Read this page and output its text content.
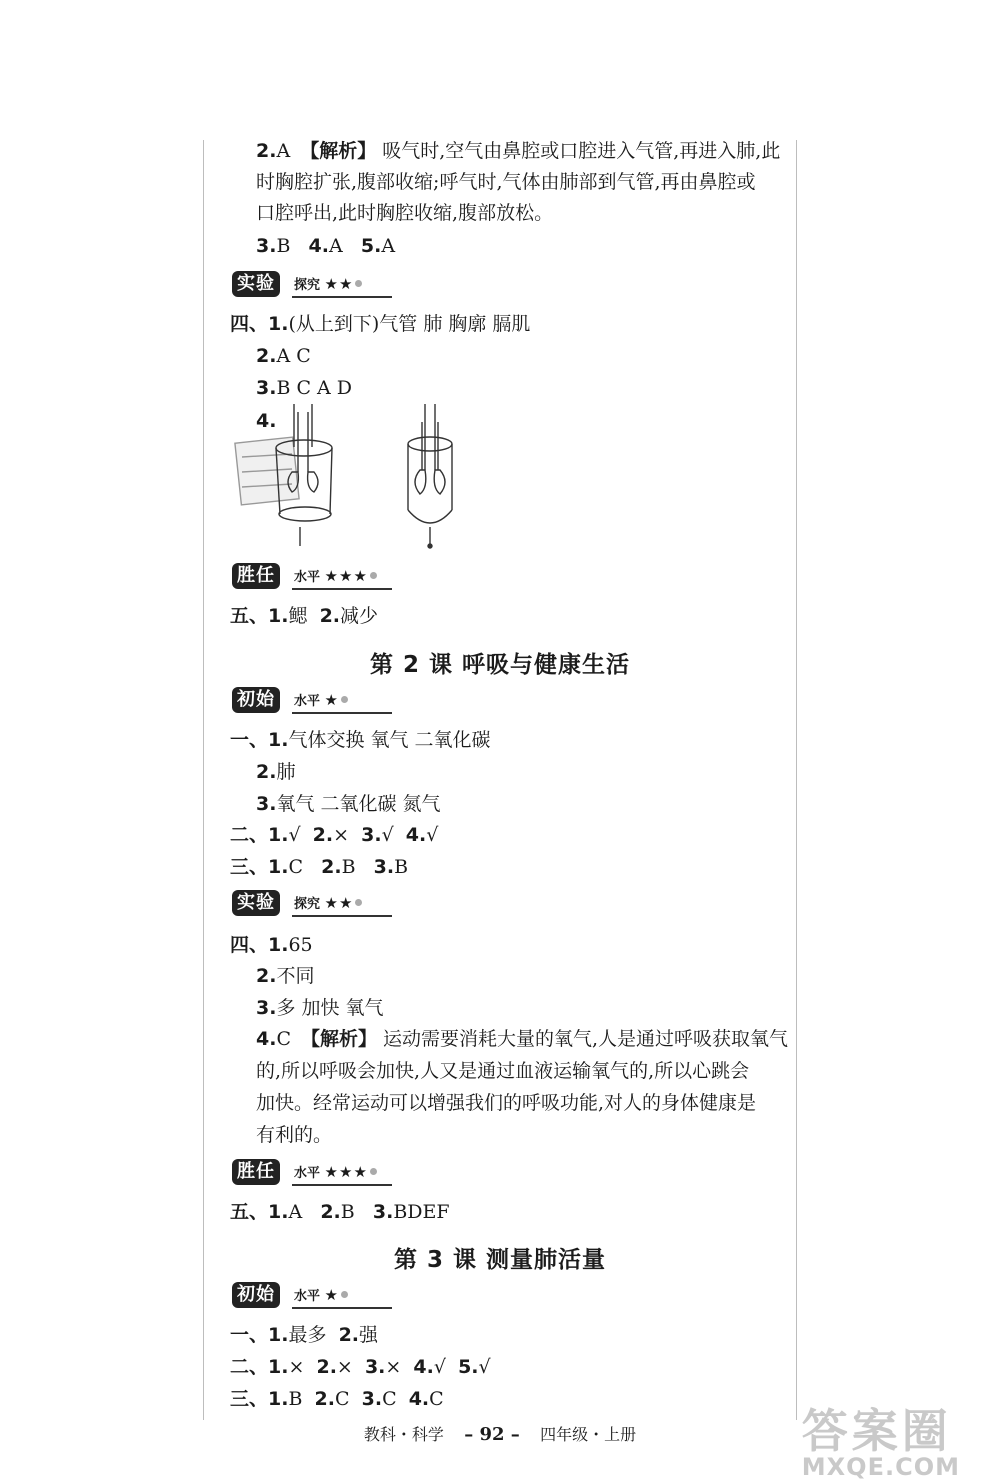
2.A 【解析】 吸气时,空气由鼻腔或口腔进入气管,再进入肺,此
时胸腔扩张,腹部收缩;呼气时,气体由肺部到气管,再由鼻腔或
口腔呼出,此时胸腔收缩,腹部放松。
3.B 4.A 5.A
实验	探究 ★★
四、1.(从上到下)气管 肺 胸廓 膈肌
2.A C
3.B C A D
4.
胜任	水平 ★★★
五、1.鳃 2.减少
第 2 课 呼吸与健康生活
初始	水平 ★
一、1.气体交换 氧气 二氧化碳
2.肺
3.氧气 二氧化碳 氮气
二、1.√ 2.× 3.√ 4.√
三、1.C 2.B 3.B
实验	探究 ★★
四、1.65
2.不同
3.多 加快 氧气
4.C 【解析】 运动需要消耗大量的氧气,人是通过呼吸获取氧气
的,所以呼吸会加快,人又是通过血液运输氧气的,所以心跳会
加快。经常运动可以增强我们的呼吸功能,对人的身体健康是
有利的。
胜任	水平 ★★★
五、1.A 2.B 3.BDEF
第 3 课 测量肺活量
初始	水平 ★
一、1.最多 2.强
二、1.× 2.× 3.× 4.√ 5.√
三、1.B 2.C 3.C 4.C
教科・科学 – 92 – 四年级・上册	答案圈
MXQE.COM
